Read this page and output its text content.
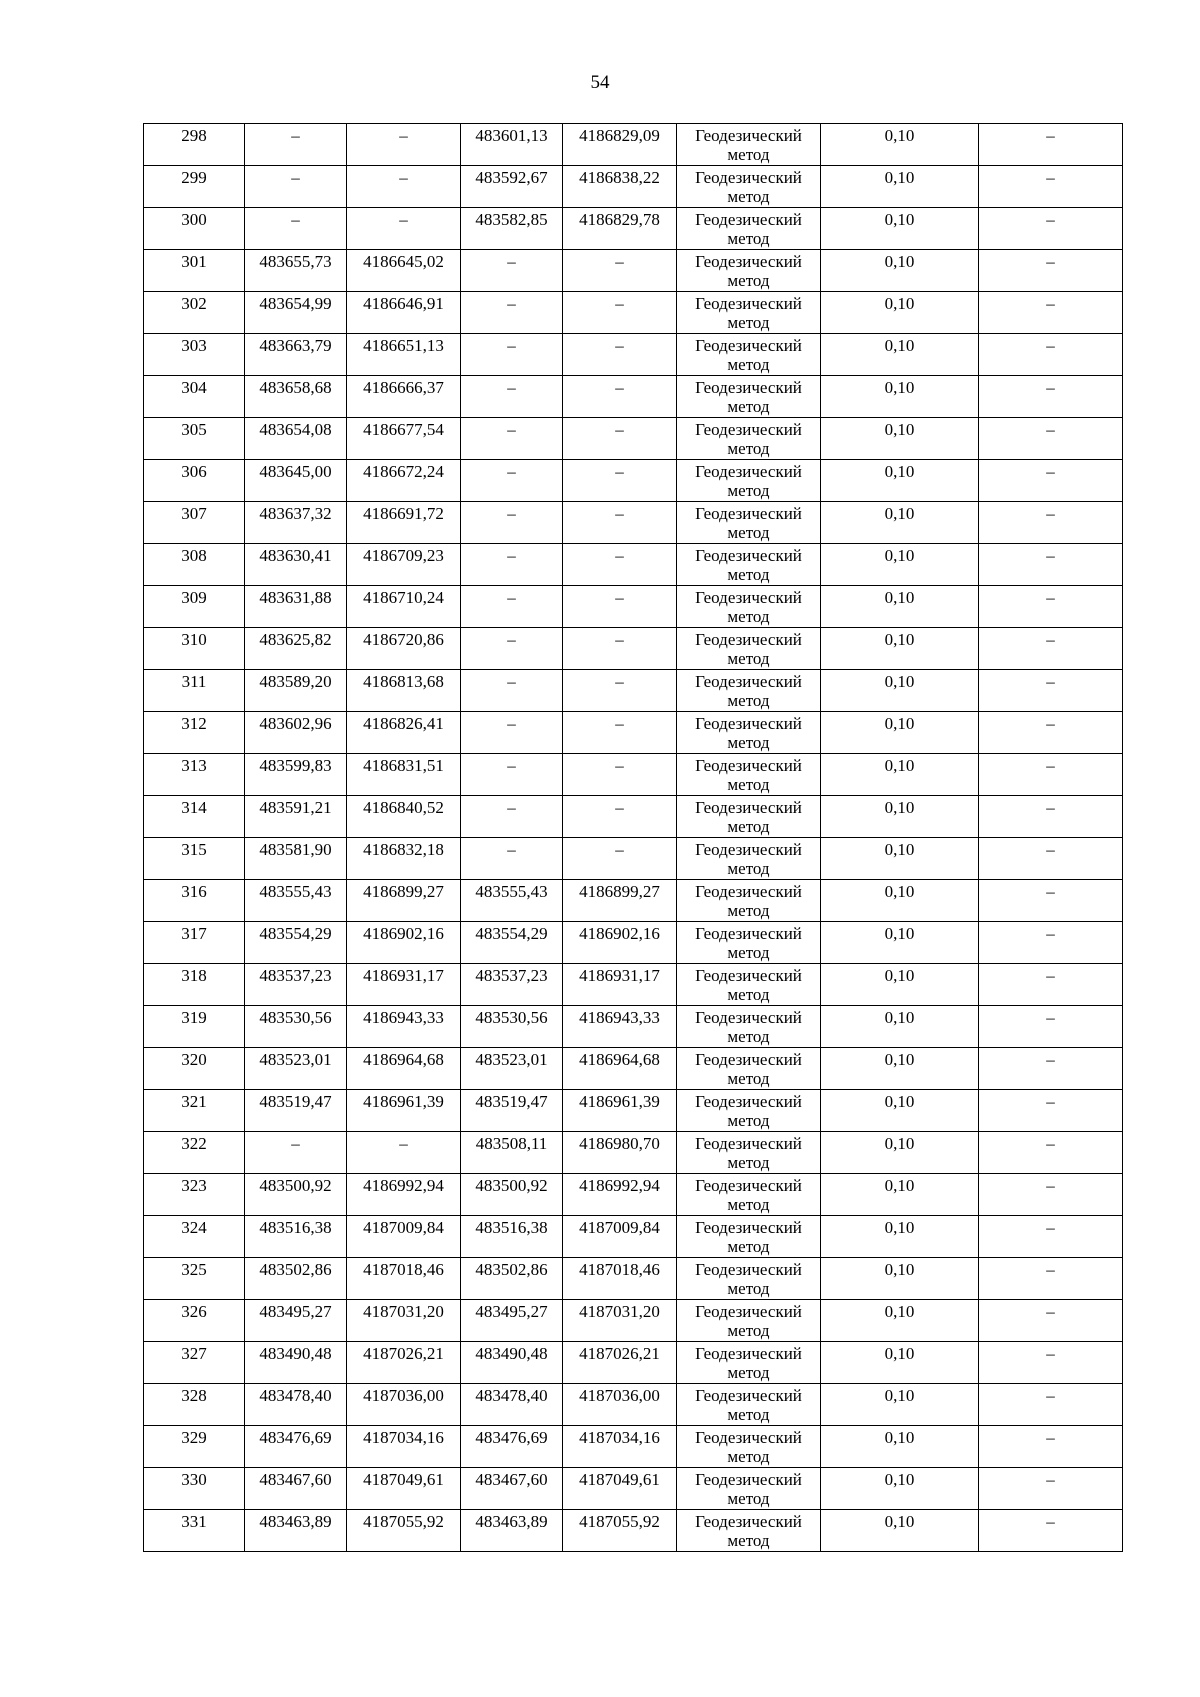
54
298	–	–	483601,13	4186829,09	Геодезический метод	0,10	–
299	–	–	483592,67	4186838,22	Геодезический метод	0,10	–
300	–	–	483582,85	4186829,78	Геодезический метод	0,10	–
301	483655,73	4186645,02	–	–	Геодезический метод	0,10	–
302	483654,99	4186646,91	–	–	Геодезический метод	0,10	–
303	483663,79	4186651,13	–	–	Геодезический метод	0,10	–
304	483658,68	4186666,37	–	–	Геодезический метод	0,10	–
305	483654,08	4186677,54	–	–	Геодезический метод	0,10	–
306	483645,00	4186672,24	–	–	Геодезический метод	0,10	–
307	483637,32	4186691,72	–	–	Геодезический метод	0,10	–
308	483630,41	4186709,23	–	–	Геодезический метод	0,10	–
309	483631,88	4186710,24	–	–	Геодезический метод	0,10	–
310	483625,82	4186720,86	–	–	Геодезический метод	0,10	–
311	483589,20	4186813,68	–	–	Геодезический метод	0,10	–
312	483602,96	4186826,41	–	–	Геодезический метод	0,10	–
313	483599,83	4186831,51	–	–	Геодезический метод	0,10	–
314	483591,21	4186840,52	–	–	Геодезический метод	0,10	–
315	483581,90	4186832,18	–	–	Геодезический метод	0,10	–
316	483555,43	4186899,27	483555,43	4186899,27	Геодезический метод	0,10	–
317	483554,29	4186902,16	483554,29	4186902,16	Геодезический метод	0,10	–
318	483537,23	4186931,17	483537,23	4186931,17	Геодезический метод	0,10	–
319	483530,56	4186943,33	483530,56	4186943,33	Геодезический метод	0,10	–
320	483523,01	4186964,68	483523,01	4186964,68	Геодезический метод	0,10	–
321	483519,47	4186961,39	483519,47	4186961,39	Геодезический метод	0,10	–
322	–	–	483508,11	4186980,70	Геодезический метод	0,10	–
323	483500,92	4186992,94	483500,92	4186992,94	Геодезический метод	0,10	–
324	483516,38	4187009,84	483516,38	4187009,84	Геодезический метод	0,10	–
325	483502,86	4187018,46	483502,86	4187018,46	Геодезический метод	0,10	–
326	483495,27	4187031,20	483495,27	4187031,20	Геодезический метод	0,10	–
327	483490,48	4187026,21	483490,48	4187026,21	Геодезический метод	0,10	–
328	483478,40	4187036,00	483478,40	4187036,00	Геодезический метод	0,10	–
329	483476,69	4187034,16	483476,69	4187034,16	Геодезический метод	0,10	–
330	483467,60	4187049,61	483467,60	4187049,61	Геодезический метод	0,10	–
331	483463,89	4187055,92	483463,89	4187055,92	Геодезический метод	0,10	–
